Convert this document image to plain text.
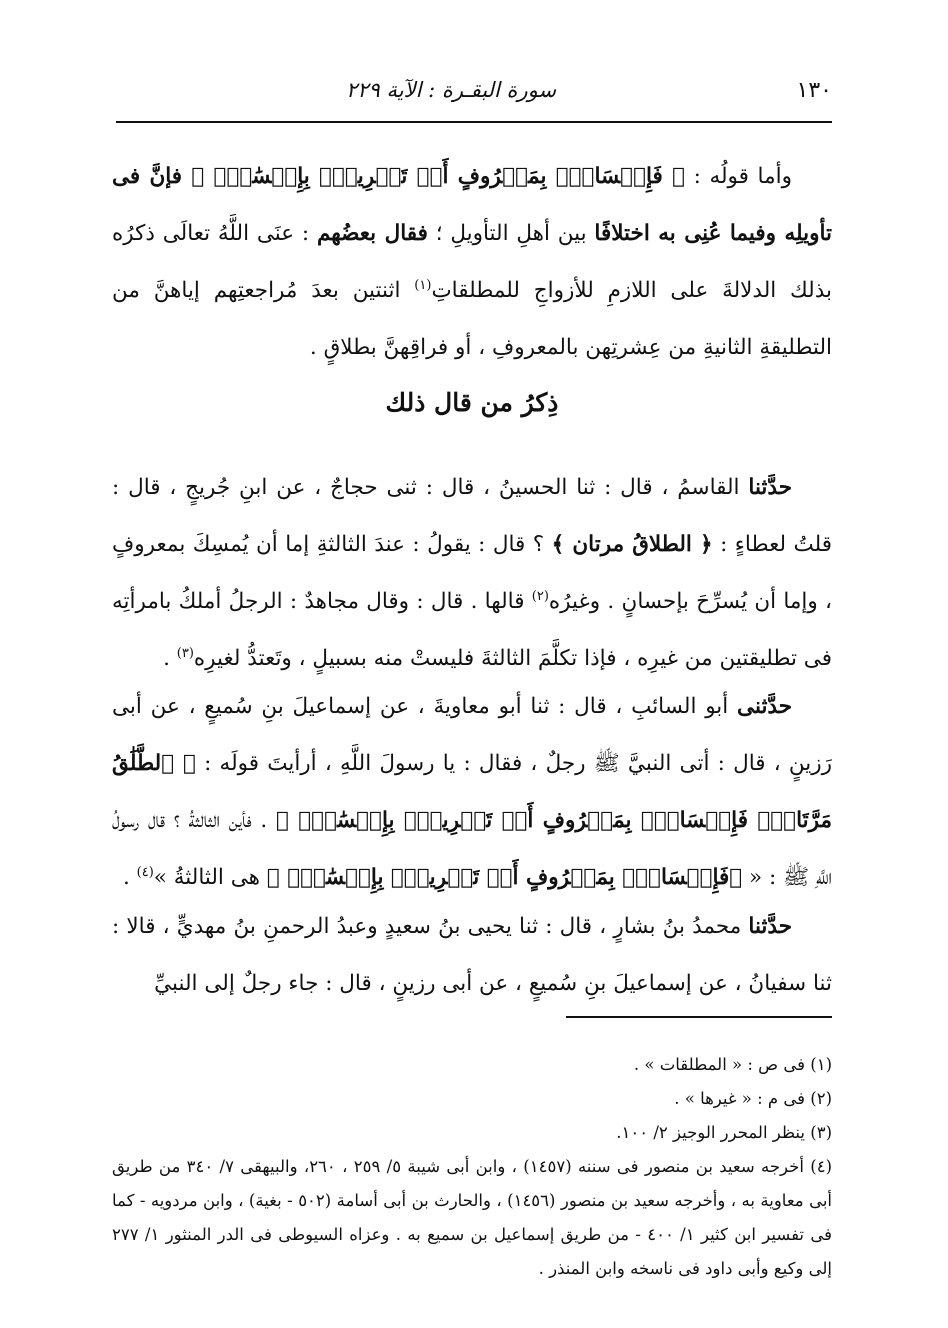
١٣٠
سورة البقـرة : الآية ٢٢٩

وأما قولُه : ﴿ فَإِمۡسَاكُۢ بِمَعۡرُوفٍ أَوۡ تَسۡرِيحُۢ بِإِحۡسَٰنٖۗ ﴾ فإنَّ فى تأويلِه وفيما عُنِى به اختلافًا بين أهلِ التأويلِ ؛ فقال بعضُهم : عنَى اللَّهُ تعالَى ذكرُه بذلك الدلالةَ على اللازمِ للأزواجِ للمطلقاتِ$^{(١)}$ اثنتين بعدَ مُراجعتِهم إياهنَّ من التطليقةِ الثانيةِ من عِشرتِهن بالمعروفِ ، أو فراقِهنَّ بطلاقٍ .

ذِكرُ من قال ذلك

حدَّثنا القاسمُ ، قال : ثنا الحسينُ ، قال : ثنى حجاجٌ ، عن ابنِ جُريجٍ ، قال : قلتُ لعطاءٍ : ﴿ الطلاقُ مرتان ﴾ ؟ قال : يقولُ : عندَ الثالثةِ إما أن يُمسِكَ بمعروفٍ ، وإما أن يُسرِّحَ بإحسانٍ . وغيرُه$^{(٢)}$ قالها . قال : وقال مجاهدٌ : الرجلُ أملكُ بامرأتِه فى تطليقتين من غيرِه ، فإذا تكلَّمَ الثالثةَ فليستْ منه بسبيلٍ ، وتَعتدُّ لغيرِه$^{(٣)}$ .

حدَّثنى أبو السائبِ ، قال : ثنا أبو معاويةَ ، عن إسماعيلَ بنِ سُميعٍ ، عن أبى رَزينٍ ، قال : أتى النبيَّ ﷺ رجلٌ ، فقال : يا رسولَ اللَّهِ ، أرأيتَ قولَه : ﴿ ٱلطَّلَٰقُ مَرَّتَانِۖ فَإِمۡسَاكُۢ بِمَعۡرُوفٍ أَوۡ تَسۡرِيحُۢ بِإِحۡسَٰنٖۗ ﴾ . فأين الثالثةُ ؟ قال رسولُ اللَّهِ ﷺ : « ﴿فَإِمۡسَاكُۢ بِمَعۡرُوفٍ أَوۡ تَسۡرِيحُۢ بِإِحۡسَٰنٖۗ ﴾ هى الثالثةُ »$^{(٤)}$ .

حدَّثنا محمدُ بنُ بشارٍ ، قال : ثنا يحيى بنُ سعيدٍ وعبدُ الرحمنِ بنُ مهديٍّ ، قالا : ثنا سفيانُ ، عن إسماعيلَ بنِ سُميعٍ ، عن أبى رزينٍ ، قال : جاء رجلٌ إلى النبيِّ

(١) فى ص : « المطلقات » .

(٢) فى م : « غيرها » .

(٣) ينظر المحرر الوجيز ٢/ ١٠٠.

(٤) أخرجه سعيد بن منصور فى سننه (١٤٥٧) ، وابن أبى شيبة ٥/ ٢٥٩ ، ٢٦٠، والبيهقى ٧/ ٣٤٠ من طريق أبى معاوية به ، وأخرجه سعيد بن منصور (١٤٥٦) ، والحارث بن أبى أسامة (٥٠٢ - بغية) ، وابن مردويه - كما فى تفسير ابن كثير ١/ ٤٠٠ - من طريق إسماعيل بن سميع به . وعزاه السيوطى فى الدر المنثور ١/ ٢٧٧ إلى وكيع وأبى داود فى ناسخه وابن المنذر .
